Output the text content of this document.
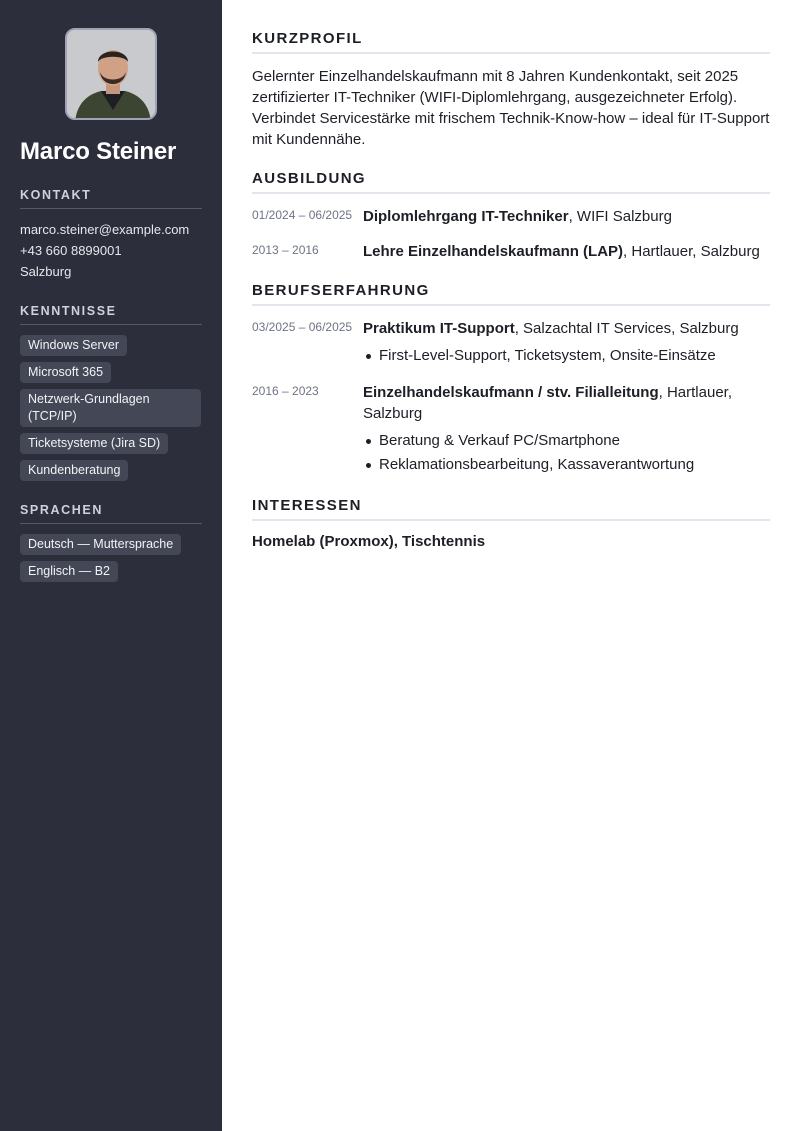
Marco Steiner
KONTAKT
marco.steiner@example.com
+43 660 8899001
Salzburg
KENNTNISSE
Windows Server
Microsoft 365
Netzwerk-Grundlagen (TCP/IP)
Ticketsysteme (Jira SD)
Kundenberatung
SPRACHEN
Deutsch — Muttersprache
Englisch — B2
KURZPROFIL

Gelernter Einzelhandelskaufmann mit 8 Jahren Kundenkontakt, seit 2025 zertifizierter IT-Techniker (WIFI-Diplomlehrgang, ausgezeichneter Erfolg). Verbindet Servicestärke mit frischem Technik-Know-how – ideal für IT-Support mit Kundennähe.

AUSBILDUNG
01/2024 – 06/2025 Diplomlehrgang IT-Techniker, WIFI Salzburg
2013 – 2016	Lehre Einzelhandelskaufmann (LAP), Hartlauer, Salzburg
BERUFSERFAHRUNG
03/2025 – 06/2025 Praktikum IT-Support, Salzachtal IT Services, Salzburg
First-Level-Support, Ticketsystem, Onsite-Einsätze
2016 – 2023	Einzelhandelskaufmann / stv. Filialleitung, Hartlauer, Salzburg
Beratung & Verkauf PC/Smartphone
Reklamationsbearbeitung, Kassaverantwortung
INTERESSEN
Homelab (Proxmox), Tischtennis
